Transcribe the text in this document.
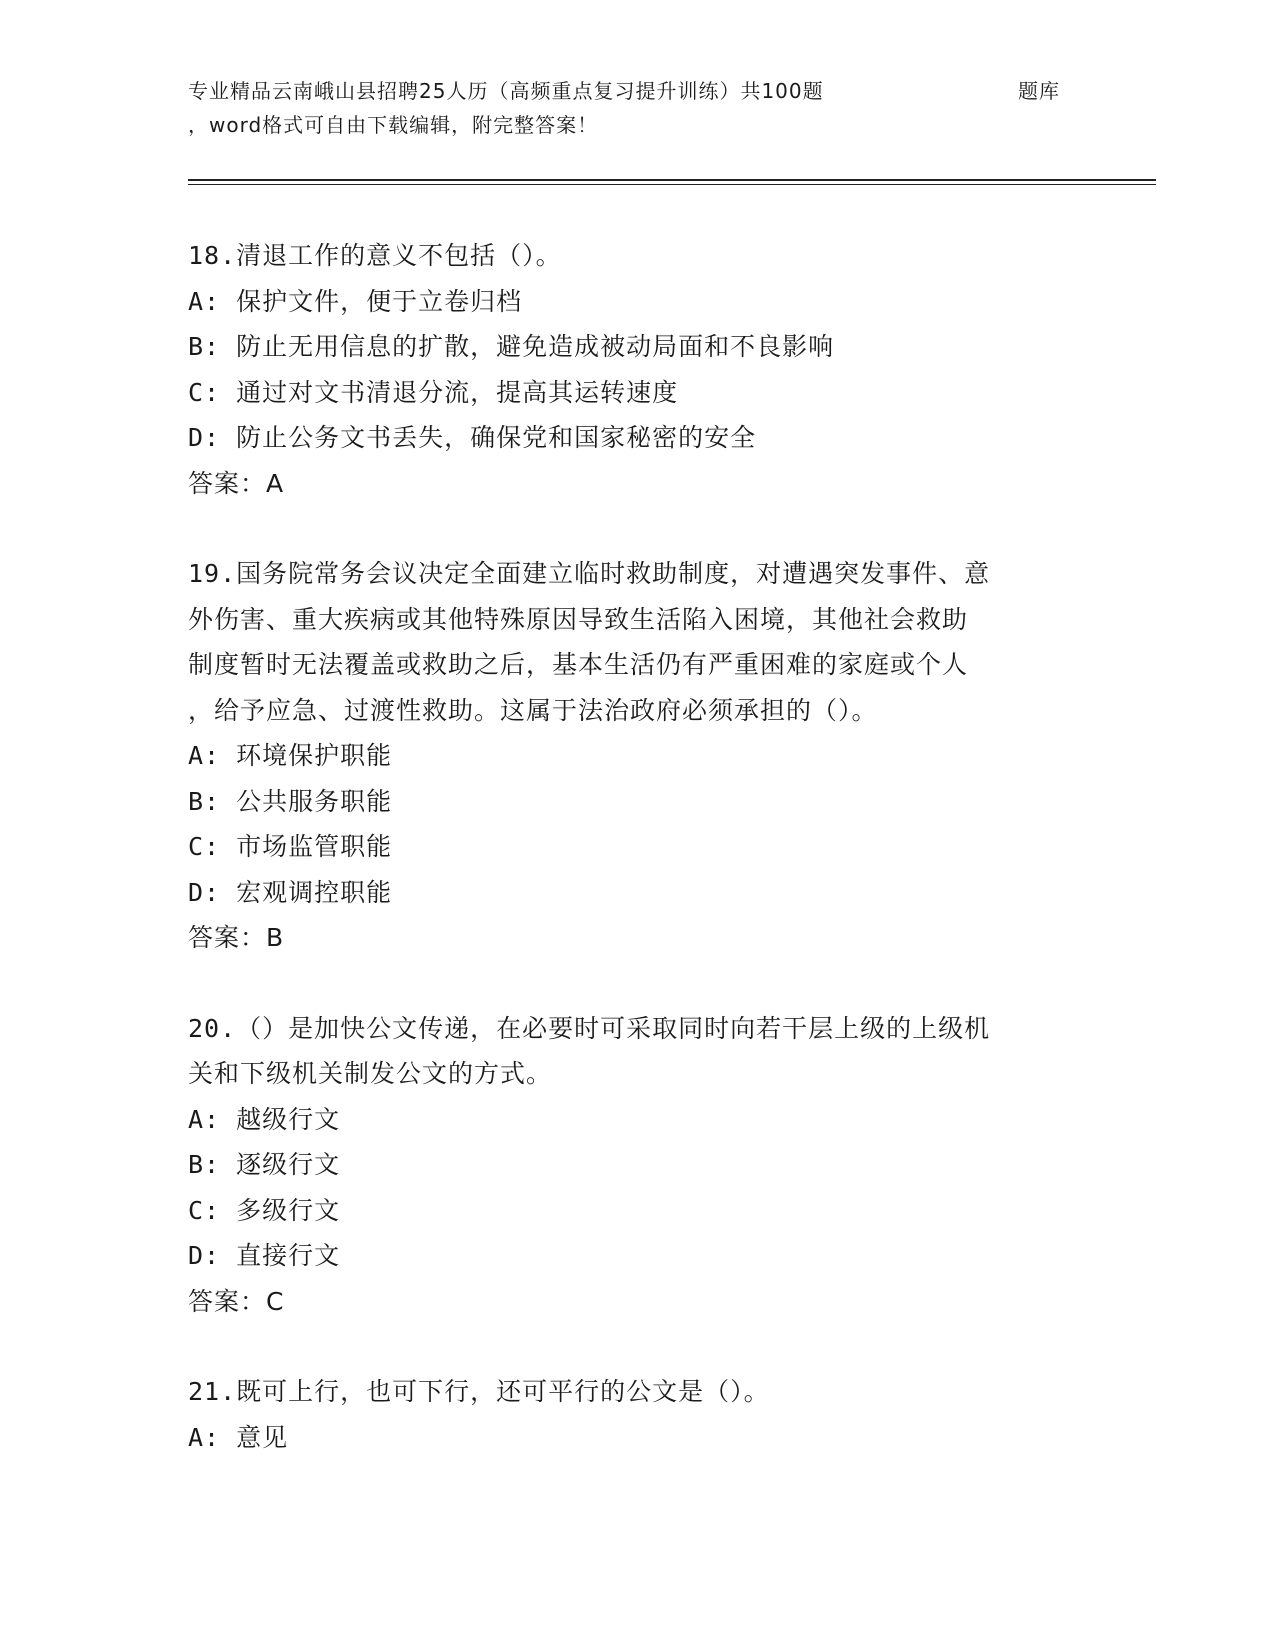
专业精品云南峨山县招聘25人历（高频重点复习提升训练）共100题	题库
，word格式可自由下载编辑，附完整答案！
18.清退工作的意义不包括（）。
A: 保护文件，便于立卷归档
B: 防止无用信息的扩散，避免造成被动局面和不良影响
C: 通过对文书清退分流，提高其运转速度
D: 防止公务文书丢失，确保党和国家秘密的安全
答案：A
19.国务院常务会议决定全面建立临时救助制度，对遭遇突发事件、意
外伤害、重大疾病或其他特殊原因导致生活陷入困境，其他社会救助
制度暂时无法覆盖或救助之后，基本生活仍有严重困难的家庭或个人
，给予应急、过渡性救助。这属于法治政府必须承担的（）。
A: 环境保护职能
B: 公共服务职能
C: 市场监管职能
D: 宏观调控职能
答案：B
20.（）是加快公文传递，在必要时可采取同时向若干层上级的上级机
关和下级机关制发公文的方式。
A: 越级行文
B: 逐级行文
C: 多级行文
D: 直接行文
答案：C
21.既可上行，也可下行，还可平行的公文是（）。
A: 意见
